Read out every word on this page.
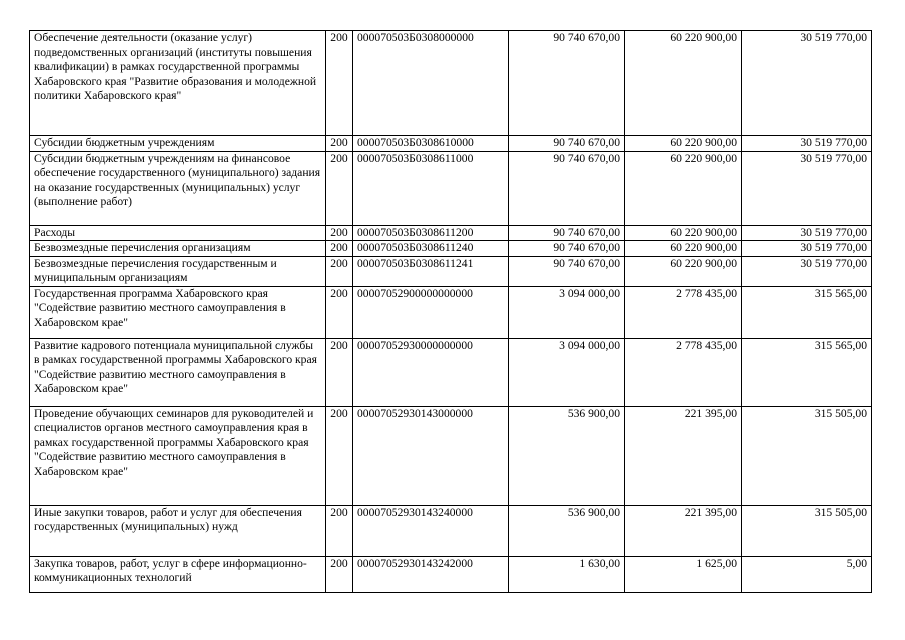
Обеспечение деятельности (оказание услуг) подведомственных организаций (институты повышения квалификации) в рамках государственной программы Хабаровского края "Развитие образования и молодежной политики Хабаровского края"	200	000070503Б0308000000	90 740 670,00	60 220 900,00	30 519 770,00
Субсидии бюджетным учреждениям	200	000070503Б0308610000	90 740 670,00	60 220 900,00	30 519 770,00
Субсидии бюджетным учреждениям на финансовое обеспечение государственного (муниципального) задания на оказание государственных (муниципальных) услуг (выполнение работ)	200	000070503Б0308611000	90 740 670,00	60 220 900,00	30 519 770,00
Расходы	200	000070503Б0308611200	90 740 670,00	60 220 900,00	30 519 770,00
Безвозмездные перечисления организациям	200	000070503Б0308611240	90 740 670,00	60 220 900,00	30 519 770,00
Безвозмездные перечисления государственным и муниципальным организациям	200	000070503Б0308611241	90 740 670,00	60 220 900,00	30 519 770,00
Государственная программа Хабаровского края "Содействие развитию местного самоуправления в Хабаровском крае"	200	00007052900000000000	3 094 000,00	2 778 435,00	315 565,00
Развитие кадрового потенциала муниципальной службы в рамках государственной программы Хабаровского края "Содействие развитию местного самоуправления в Хабаровском крае"	200	00007052930000000000	3 094 000,00	2 778 435,00	315 565,00
Проведение обучающих семинаров для руководителей и специалистов органов местного самоуправления края в рамках государственной программы Хабаровского края "Содействие развитию местного самоуправления в Хабаровском крае"	200	00007052930143000000	536 900,00	221 395,00	315 505,00
Иные закупки товаров, работ и услуг для обеспечения государственных (муниципальных) нужд	200	00007052930143240000	536 900,00	221 395,00	315 505,00
Закупка товаров, работ, услуг в сфере информационно-коммуникационных технологий	200	00007052930143242000	1 630,00	1 625,00	5,00
